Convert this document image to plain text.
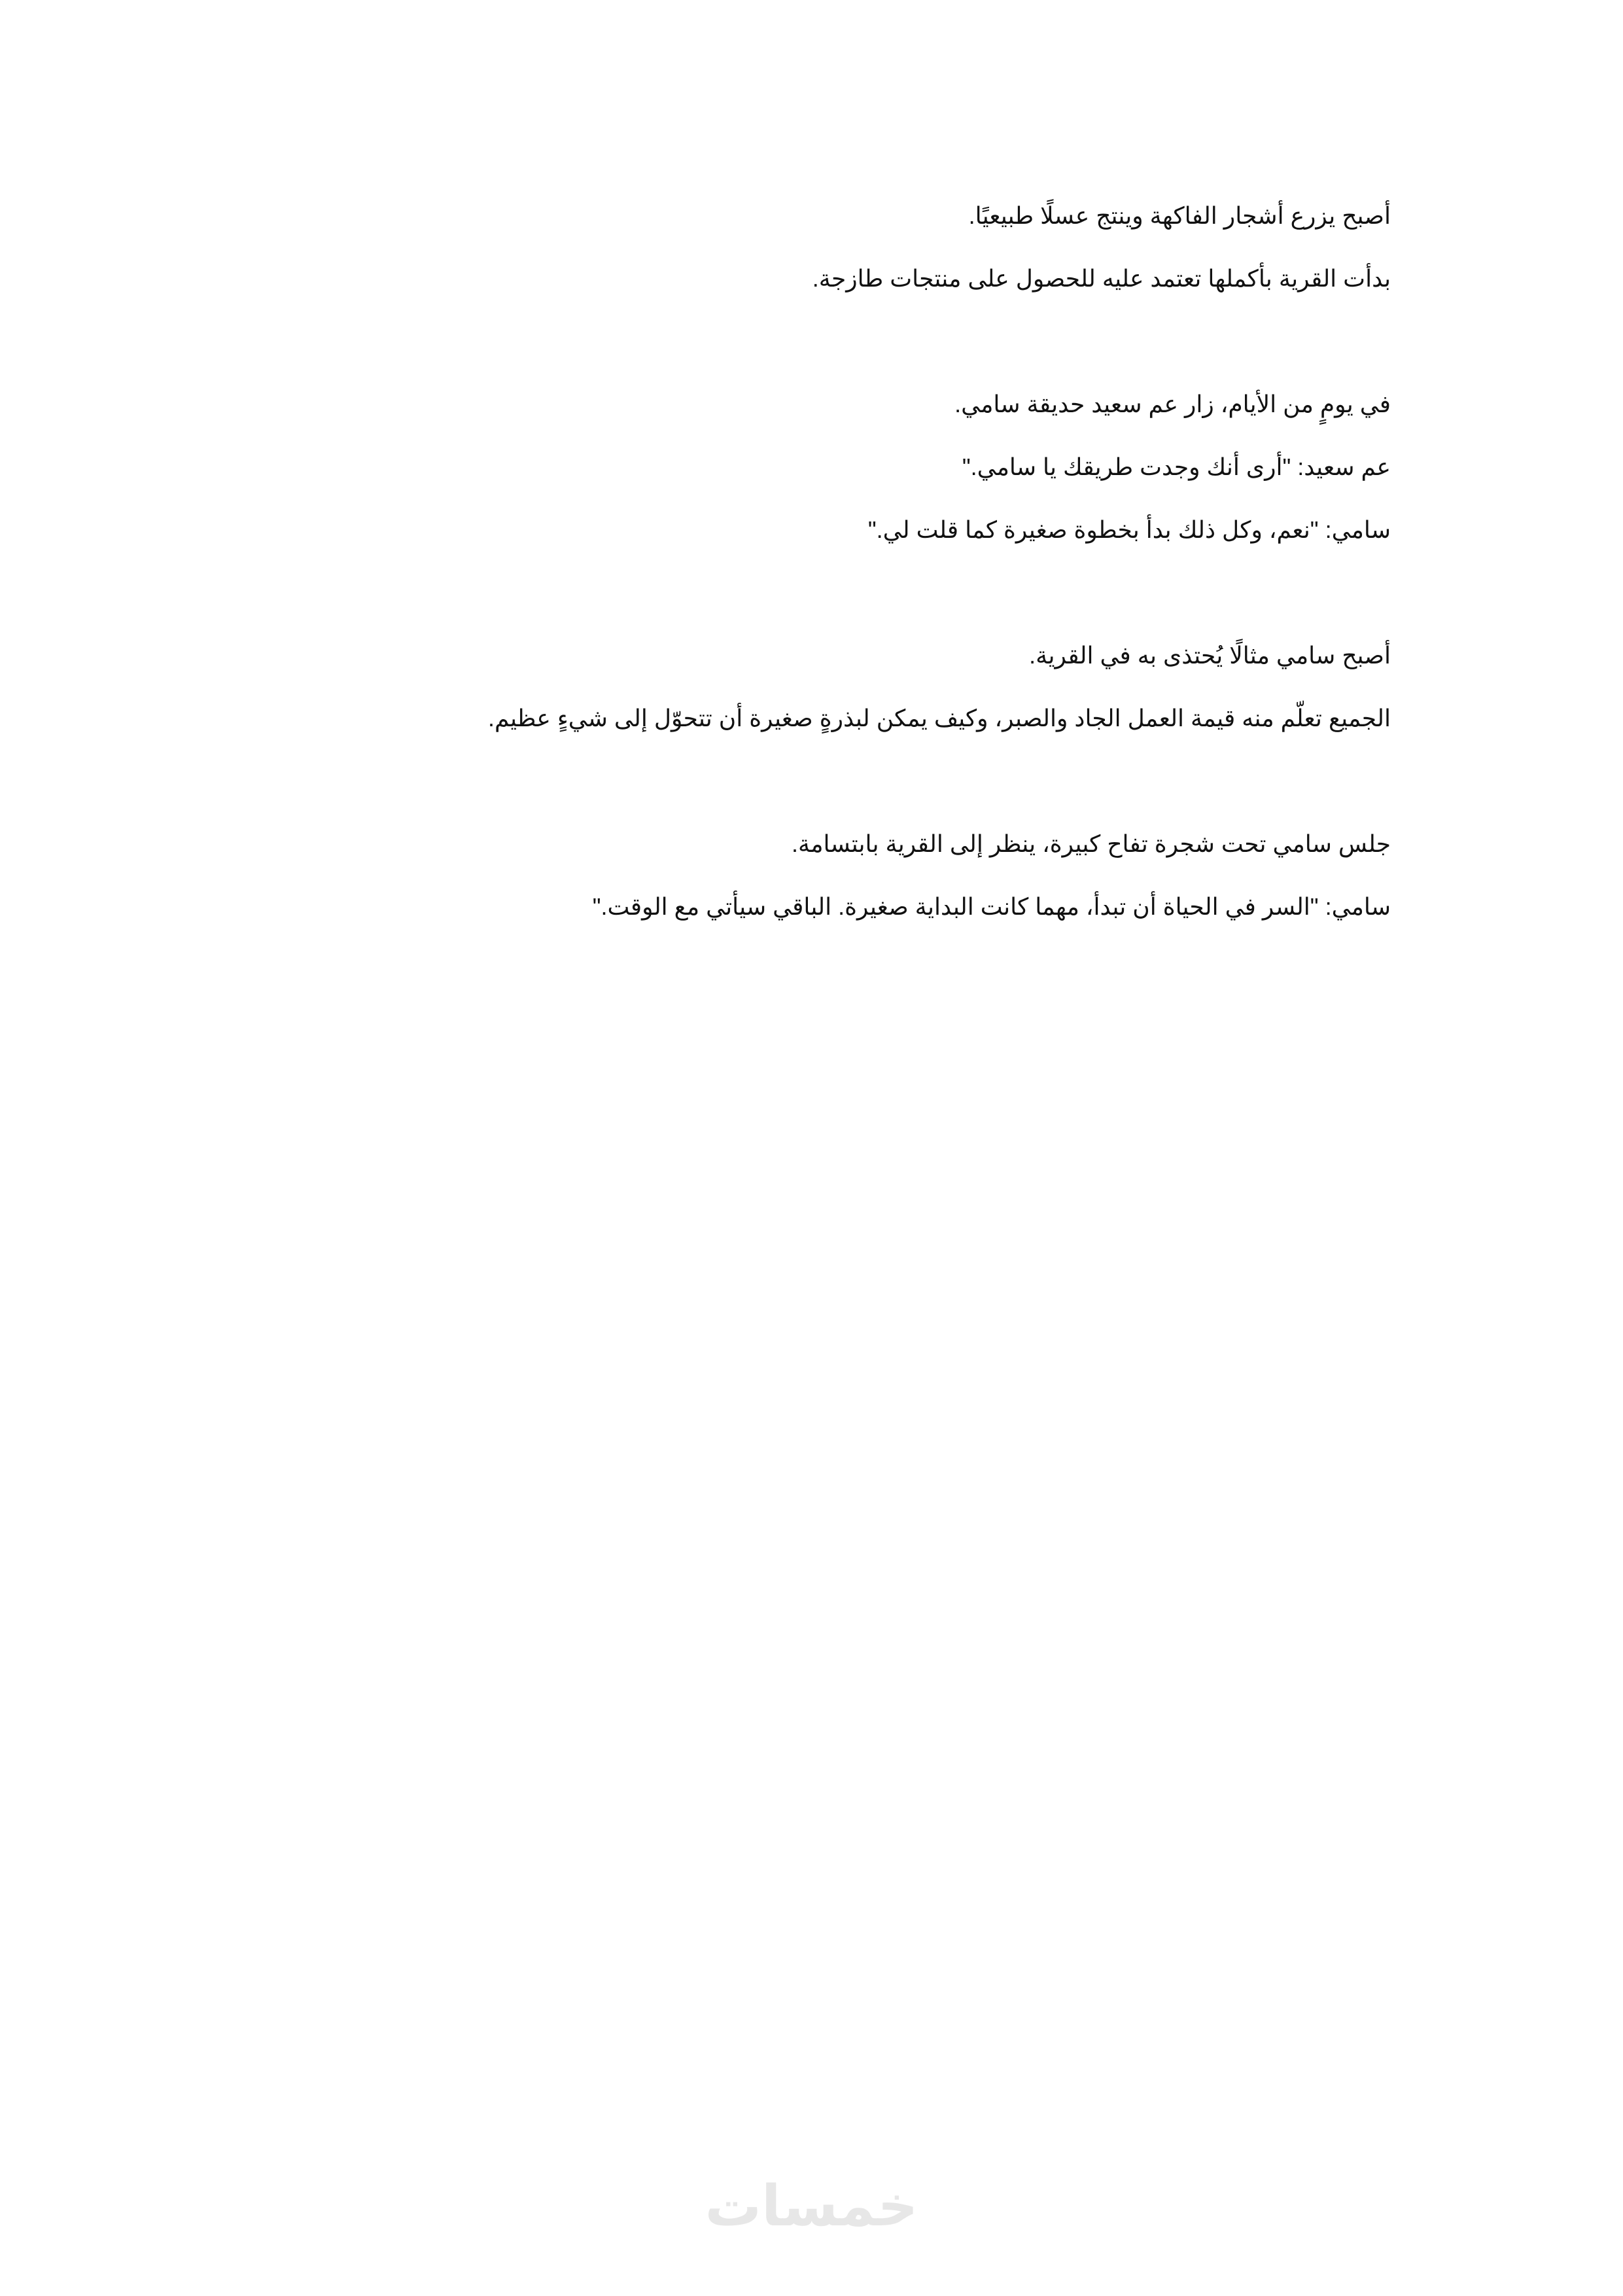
أصبح يزرع أشجار الفاكهة وينتج عسلًا طبيعيًا.
بدأت القرية بأكملها تعتمد عليه للحصول على منتجات طازجة.
في يومٍ من الأيام، زار عم سعيد حديقة سامي.
عم سعيد: "أرى أنك وجدت طريقك يا سامي."
سامي: "نعم، وكل ذلك بدأ بخطوة صغيرة كما قلت لي."
أصبح سامي مثالًا يُحتذى به في القرية.
الجميع تعلّم منه قيمة العمل الجاد والصبر، وكيف يمكن لبذرةٍ صغيرة أن تتحوّل إلى شيءٍ عظيم.
جلس سامي تحت شجرة تفاح كبيرة، ينظر إلى القرية بابتسامة.
سامي: "السر في الحياة أن تبدأ، مهما كانت البداية صغيرة. الباقي سيأتي مع الوقت."
خمسات
